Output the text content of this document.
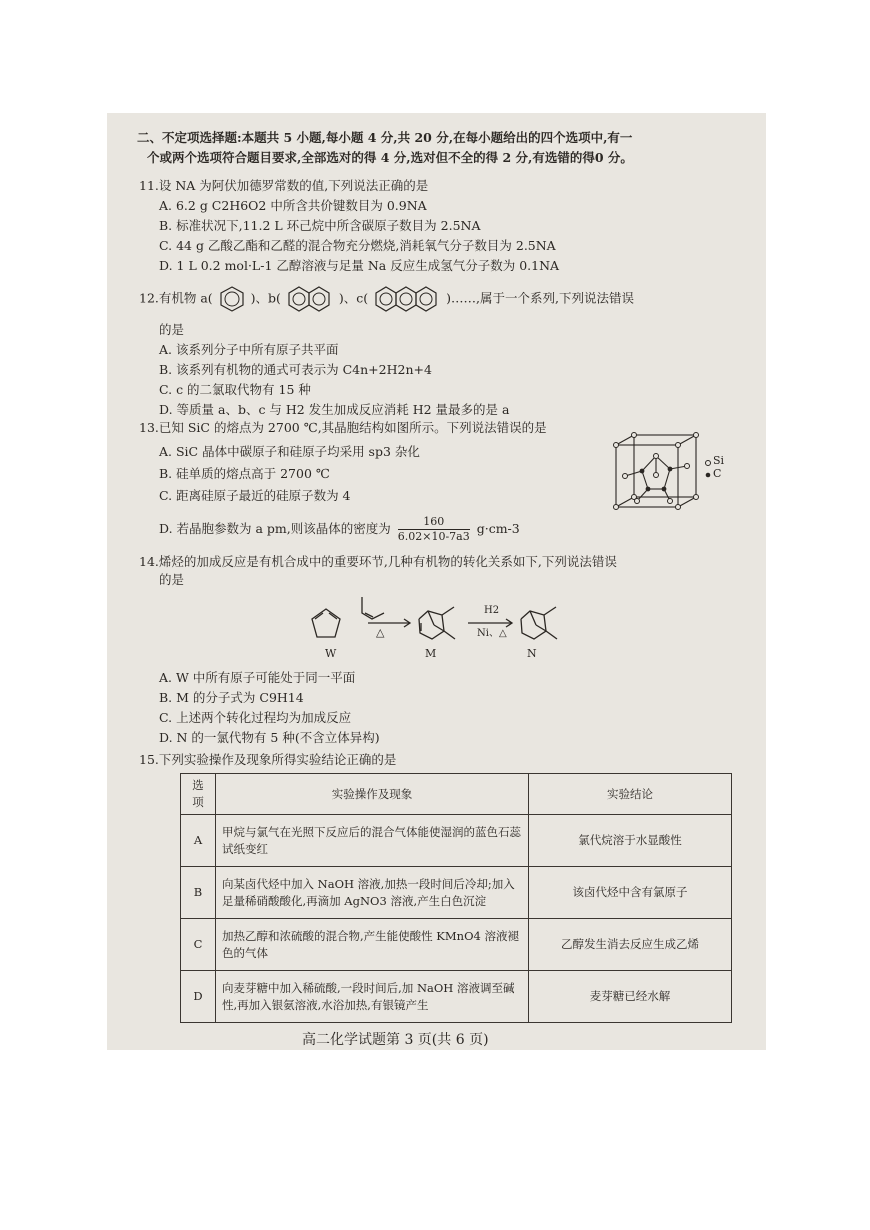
二、不定项选择题:本题共 5 小题,每小题 4 分,共 20 分,在每小题给出的四个选项中,有一
个或两个选项符合题目要求,全部选对的得 4 分,选对但不全的得 2 分,有选错的得0 分。
11.设 NA 为阿伏加德罗常数的值,下列说法正确的是
A. 6.2 g C2H6O2 中所含共价键数目为 0.9NA
B. 标准状况下,11.2 L 环己烷中所含碳原子数目为 2.5NA
C. 44 g 乙酸乙酯和乙醛的混合物充分燃烧,消耗氧气分子数目为 2.5NA
D. 1 L 0.2 mol·L-1 乙醇溶液与足量 Na 反应生成氢气分子数为 0.1NA
12.有机物 a(	)、b(	)、c(	)……,属于一个系列,下列说法错误
的是
A. 该系列分子中所有原子共平面
B. 该系列有机物的通式可表示为 C4n+2H2n+4
C. c 的二氯取代物有 15 种
D. 等质量 a、b、c 与 H2 发生加成反应消耗 H2 量最多的是 a
13.已知 SiC 的熔点为 2700 ℃,其晶胞结构如图所示。下列说法错误的是
A. SiC 晶体中碳原子和硅原子均采用 sp3 杂化
B. 硅单质的熔点高于 2700 ℃
C. 距离硅原子最近的硅原子数为 4
D. 若晶胞参数为 a pm,则该晶体的密度为 $\frac{160}{6.02\times 10-7a3} g\cdot cm-3$
Si
C
14.烯烃的加成反应是有机合成中的重要环节,几种有机物的转化关系如下,下列说法错误
的是
△
H2
Ni、△
W	M	N
A. W 中所有原子可能处于同一平面
B. M 的分子式为 C9H14
C. 上述两个转化过程均为加成反应
D. N 的一氯代物有 5 种(不含立体异构)
15.下列实验操作及现象所得实验结论正确的是
选项	实验操作及现象	实验结论
A	甲烷与氯气在光照下反应后的混合气体能使湿润的蓝色石蕊试纸变红	氯代烷溶于水显酸性
B	向某卤代烃中加入 NaOH 溶液,加热一段时间后冷却;加入足量稀硝酸酸化,再滴加 AgNO3 溶液,产生白色沉淀	该卤代烃中含有氯原子
C	加热乙醇和浓硫酸的混合物,产生能使酸性 KMnO4 溶液褪色的气体	乙醇发生消去反应生成乙烯
D	向麦芽糖中加入稀硫酸,一段时间后,加 NaOH 溶液调至碱性,再加入银氨溶液,水浴加热,有银镜产生	麦芽糖已经水解
高二化学试题第 3 页(共 6 页)
